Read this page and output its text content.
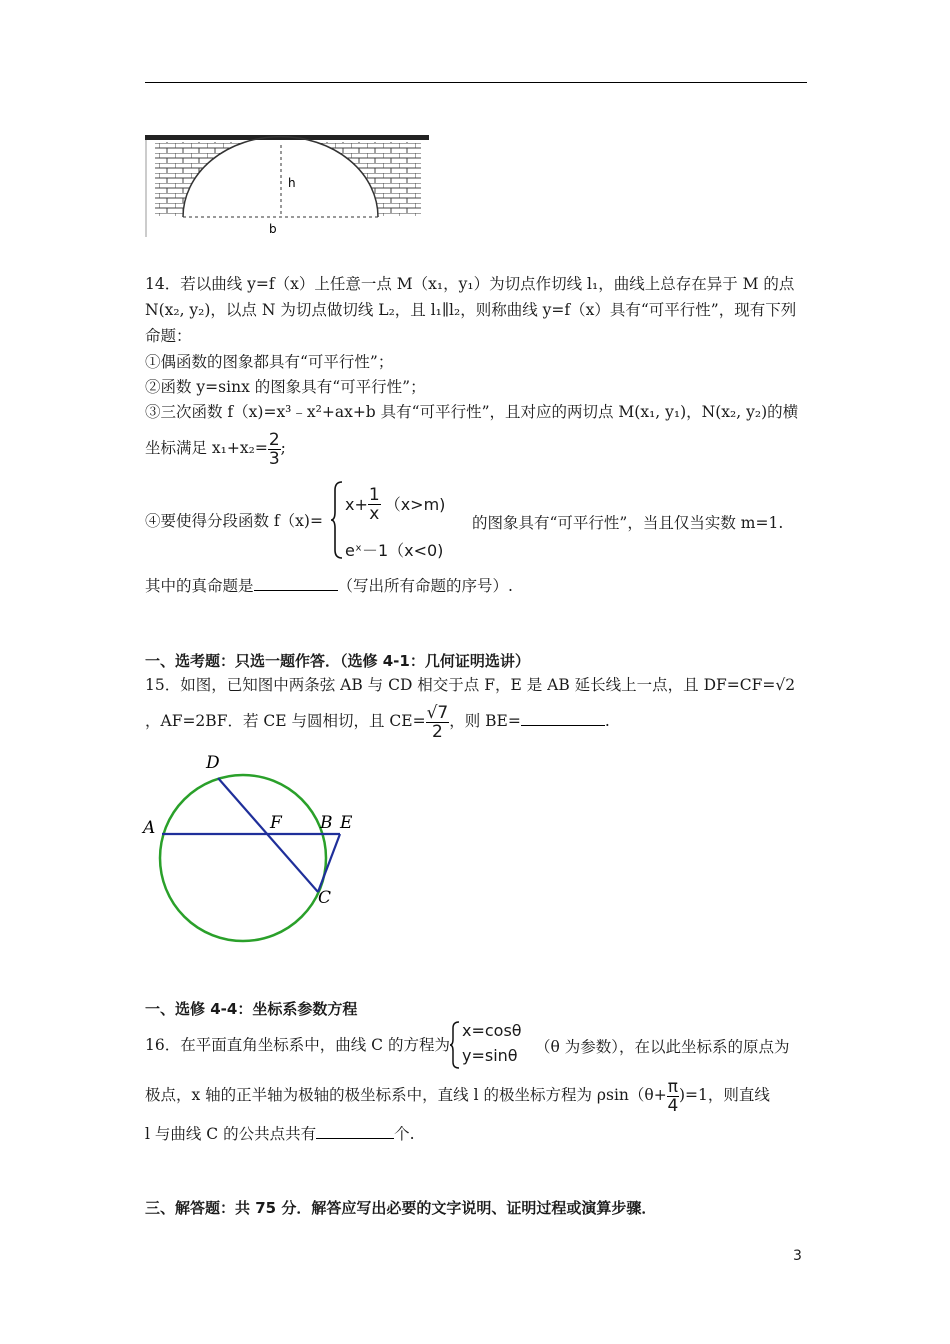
h
b
14．若以曲线 y=f（x）上任意一点 M（x₁，y₁）为切点作切线 l₁，曲线上总存在异于 M 的点
N(x₂, y₂)，以点 N 为切点做切线 L₂，且 l₁∥l₂，则称曲线 y=f（x）具有“可平行性”，现有下列
命题：
①偶函数的图象都具有“可平行性”；
②函数 y=sinx 的图象具有“可平行性”；
③三次函数 f（x)=x³﹣x²+ax+b 具有“可平行性”，且对应的两切点 M(x₁, y₁)，N(x₂, y₂)的横
坐标满足 $x_1+x_2= \frac{2}{3}$ ;
④要使得分段函数 f（x)=
$x+ \frac{1}{x} (x>m)$
eˣ－1（x<0)
的图象具有“可平行性”，当且仅当实数 m=1.
其中的真命题是	（写出所有命题的序号）.
一、选考题：只选一题作答．（选修 4-1：几何证明选讲）
15．如图，已知图中两条弦 AB 与 CD 相交于点 F，E 是 AB 延长线上一点，且 DF=CF=√2
，AF=2BF．若 CE 与圆相切，且 $CE= \frac{√7}{2}$ ，则 BE=	.
D
A	F B E
C
一、选修 4-4：坐标系参数方程
16．在平面直角坐标系中，曲线 C 的方程为
x=cosθ
y=sinθ （θ 为参数），在以此坐标系的原点为
极点，x 轴的正半轴为极轴的极坐标系中，直线 l 的极坐标方程为 $\rho\sin(\theta+ \frac{\pi}{4} )=1$，则直线
l 与曲线 C 的公共点共有	个.
三、解答题：共 75 分．解答应写出必要的文字说明、证明过程或演算步骤．
3
